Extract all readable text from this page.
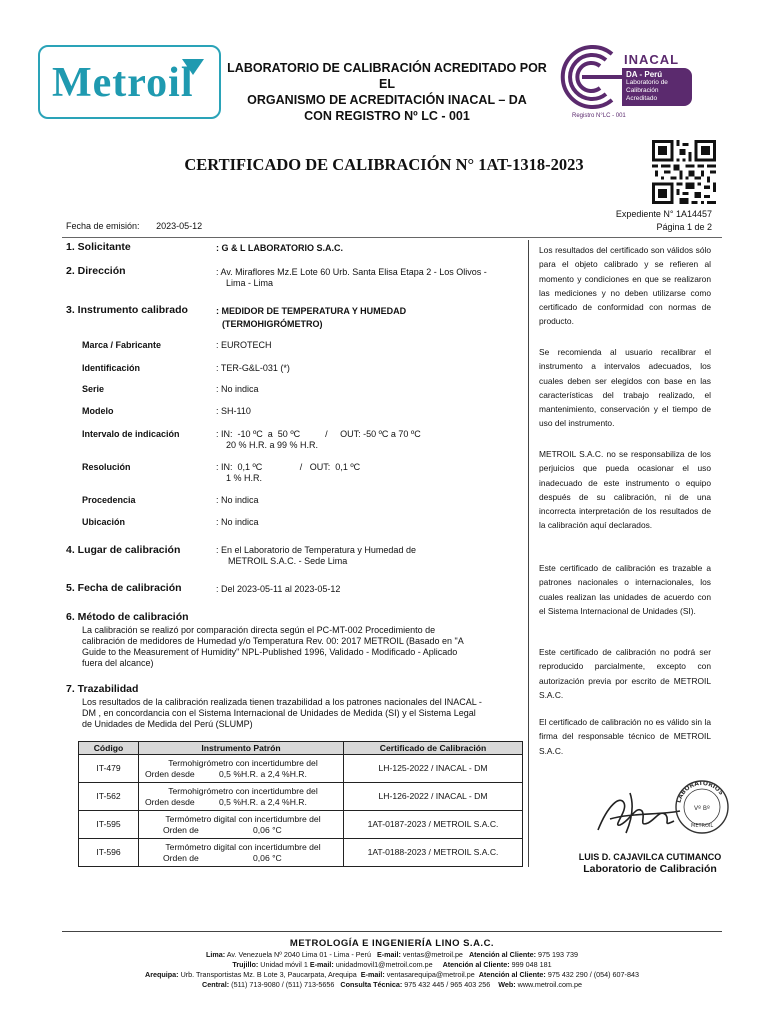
Metroil	LABORATORIO DE CALIBRACIÓN ACREDITADO POR EL
ORGANISMO DE ACREDITACIÓN INACAL – DA
CON REGISTRO Nº LC - 001
INACAL
DA - Perú
Laboratorio de Calibración
Acreditado
Registro N°LC - 001
CERTIFICADO DE CALIBRACIÓN N° 1AT-1318-2023
Expediente N° 1A14457
Página 1 de 2
Fecha de emisión: 2023-05-12
1. Solicitante	: G & L LABORATORIO S.A.C.
2. Dirección	: Av. Miraflores Mz.E Lote 60 Urb. Santa Elisa Etapa 2 - Los Olivos -
Lima - Lima
3. Instrumento calibrado	: MEDIDOR DE TEMPERATURA Y HUMEDAD
(TERMOHIGRÓMETRO)
Marca / Fabricante	: EUROTECH
Identificación	: TER-G&L-031 (*)
Serie	: No indica
Modelo	: SH-110
Intervalo de indicación	: IN:  -10 ºC  a  50 ºC          /     OUT: -50 ºC a 70 ºC
20 % H.R. a 99 % H.R.
Resolución	: IN:  0,1 ºC               /   OUT:  0,1 ºC
1 % H.R.
Procedencia	: No indica
Ubicación	: No indica
4. Lugar de calibración	: En el Laboratorio de Temperatura y Humedad de
METROIL S.A.C. - Sede Lima
5. Fecha de calibración	: Del 2023-05-11 al 2023-05-12
6. Método de calibración
La calibración se realizó por comparación directa según el PC-MT-002 Procedimiento de
calibración de medidores de Humedad y/o Temperatura Rev. 00: 2017 METROIL (Basado en "A
Guide to the Measurement of Humidity" NPL-Published 1996, Validado - Modificado - Aplicado
fuera del alcance)
7. Trazabilidad
Los resultados de la calibración realizada tienen trazabilidad a los patrones nacionales del INACAL -
DM , en concordancia con el Sistema Internacional de Unidades de Medida (SI) y el Sistema Legal
de Unidades de Medida del Perú (SLUMP)
Código	Instrumento Patrón	Certificado de Calibración
IT-479	Termohigrómetro con incertidumbre del
Orden desde 0,5 %H.R. a 2,4 %H.R.	LH-125-2022 / INACAL - DM
IT-562	Termohigrómetro con incertidumbre del
Orden desde 0,5 %H.R. a 2,4 %H.R.	LH-126-2022 / INACAL - DM
IT-595	Termómetro digital con incertidumbre del
Orden de 0,06 °C	1AT-0187-2023 / METROIL S.A.C.
IT-596	Termómetro digital con incertidumbre del
Orden de 0,06 °C	1AT-0188-2023 / METROIL S.A.C.
Los resultados del certificado son válidos sólo para el objeto calibrado y se refieren al momento y condiciones en que se realizaron las mediciones y no deben utilizarse como certificado de conformidad con normas de producto.
Se recomienda al usuario recalibrar el instrumento a intervalos adecuados, los cuales deben ser elegidos con base en las características del trabajo realizado, el mantenimiento, conservación y el tiempo de uso del instrumento.
METROIL S.A.C. no se responsabiliza de los perjuicios que pueda ocasionar el uso inadecuado de este instrumento o equipo después de su calibración, ni de una incorrecta interpretación de los resultados de la calibración aquí declarados.
Este certificado de calibración es trazable a patrones nacionales o internacionales, los cuales realizan las unidades de acuerdo con el Sistema Internacional de Unidades (SI).
Este certificado de calibración no podrá ser reproducido parcialmente, excepto con autorización previa por escrito de METROIL S.A.C.
El certificado de calibración no es válido sin la firma del responsable técnico de METROIL S.A.C.
LABORATORIOS
Vº Bº
METROIL
LUIS D. CAJAVILCA CUTIMANCO
Laboratorio de Calibración
METROLOGÍA E INGENIERÍA LINO S.A.C.
Lima: Av. Venezuela Nº 2040 Lima 01 - Lima - Perú   E-mail: ventas@metroil.pe   Atención al Cliente: 975 193 739
Trujillo: Unidad móvil 1 E-mail: unidadmovil1@metroil.com.pe     Atención al Cliente: 999 048 181
Arequipa: Urb. Transportistas Mz. B Lote 3, Paucarpata, Arequipa  E-mail: ventasarequipa@metroil.pe  Atención al Cliente: 975 432 290 / (054) 607-843
Central: (511) 713-9080 / (511) 713-5656   Consulta Técnica: 975 432 445 / 965 403 256    Web: www.metroil.com.pe
